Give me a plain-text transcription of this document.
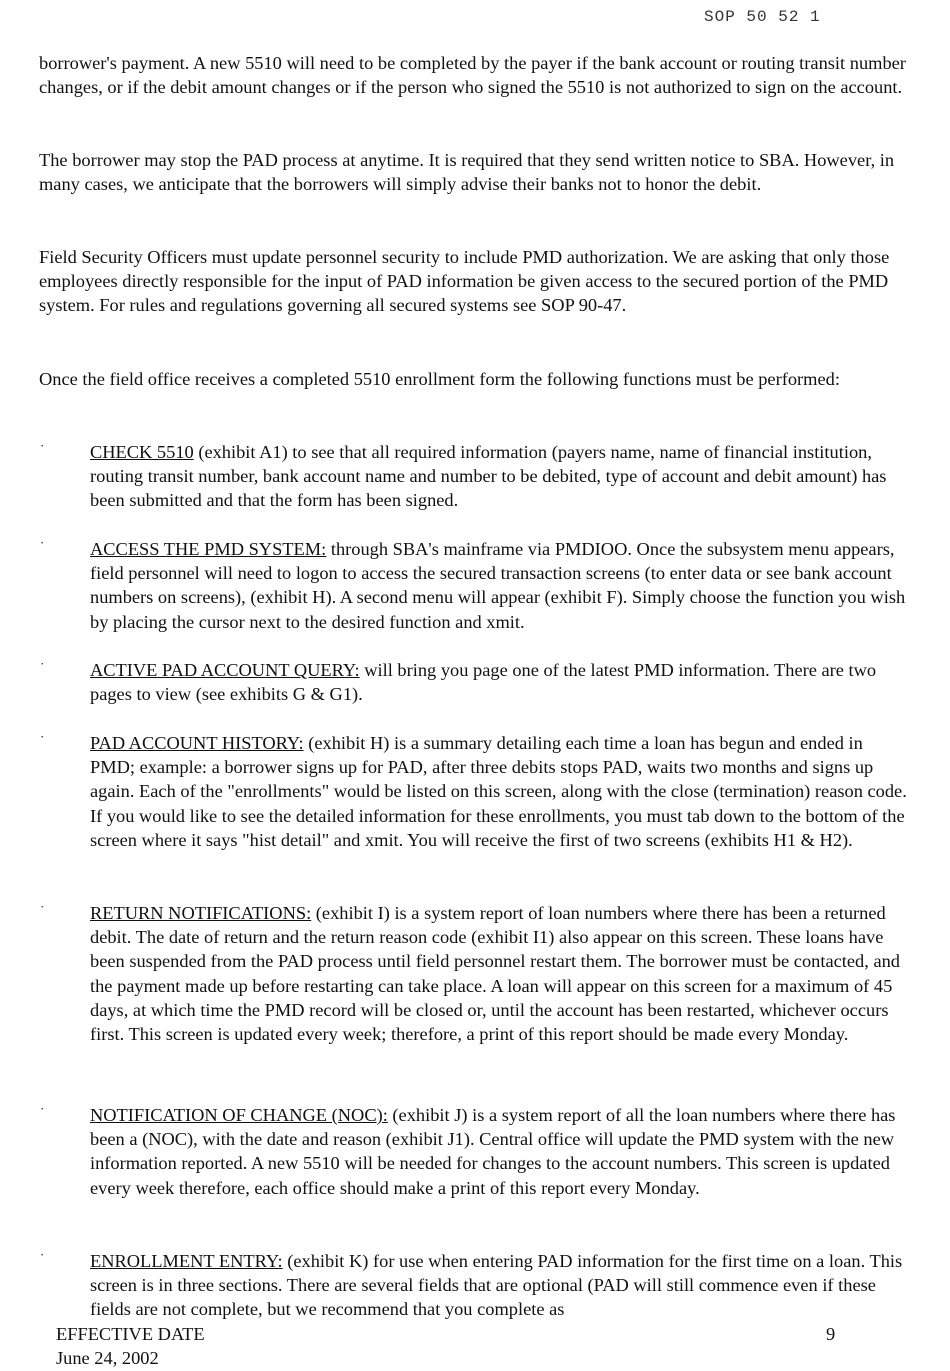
SOP 50 52 1

borrower's payment. A new 5510 will need to be completed by the payer if the bank account or routing transit number changes, or if the debit amount changes or if the person who signed the 5510 is not authorized to sign on the account.

The borrower may stop the PAD process at anytime. It is required that they send written notice to SBA. However, in many cases, we anticipate that the borrowers will simply advise their banks not to honor the debit.

Field Security Officers must update personnel security to include PMD authorization. We are asking that only those employees directly responsible for the input of PAD information be given access to the secured portion of the PMD system. For rules and regulations governing all secured systems see SOP 90-47.

Once the field office receives a completed 5510 enrollment form the following functions must be performed:

· CHECK 5510 (exhibit A1) to see that all required information (payers name, name of financial institution, routing transit number, bank account name and number to be debited, type of account and debit amount) has been submitted and that the form has been signed.

· ACCESS THE PMD SYSTEM: through SBA's mainframe via PMDIOO. Once the subsystem menu appears, field personnel will need to logon to access the secured transaction screens (to enter data or see bank account numbers on screens), (exhibit H). A second menu will appear (exhibit F). Simply choose the function you wish by placing the cursor next to the desired function and xmit.

· ACTIVE PAD ACCOUNT QUERY: will bring you page one of the latest PMD information. There are two pages to view (see exhibits G & G1).

· PAD ACCOUNT HISTORY: (exhibit H) is a summary detailing each time a loan has begun and ended in PMD; example: a borrower signs up for PAD, after three debits stops PAD, waits two months and signs up again. Each of the "enrollments" would be listed on this screen, along with the close (termination) reason code. If you would like to see the detailed information for these enrollments, you must tab down to the bottom of the screen where it says "hist detail" and xmit. You will receive the first of two screens (exhibits H1 & H2).

· RETURN NOTIFICATIONS: (exhibit I) is a system report of loan numbers where there has been a returned debit. The date of return and the return reason code (exhibit I1) also appear on this screen. These loans have been suspended from the PAD process until field personnel restart them. The borrower must be contacted, and the payment made up before restarting can take place. A loan will appear on this screen for a maximum of 45 days, at which time the PMD record will be closed or, until the account has been restarted, whichever occurs first. This screen is updated every week; therefore, a print of this report should be made every Monday.

· NOTIFICATION OF CHANGE (NOC): (exhibit J) is a system report of all the loan numbers where there has been a (NOC), with the date and reason (exhibit J1). Central office will update the PMD system with the new information reported. A new 5510 will be needed for changes to the account numbers. This screen is updated every week therefore, each office should make a print of this report every Monday.

· ENROLLMENT ENTRY: (exhibit K) for use when entering PAD information for the first time on a loan. This screen is in three sections. There are several fields that are optional (PAD will still commence even if these fields are not complete, but we recommend that you complete as

EFFECTIVE DATE
June 24, 2002
9
